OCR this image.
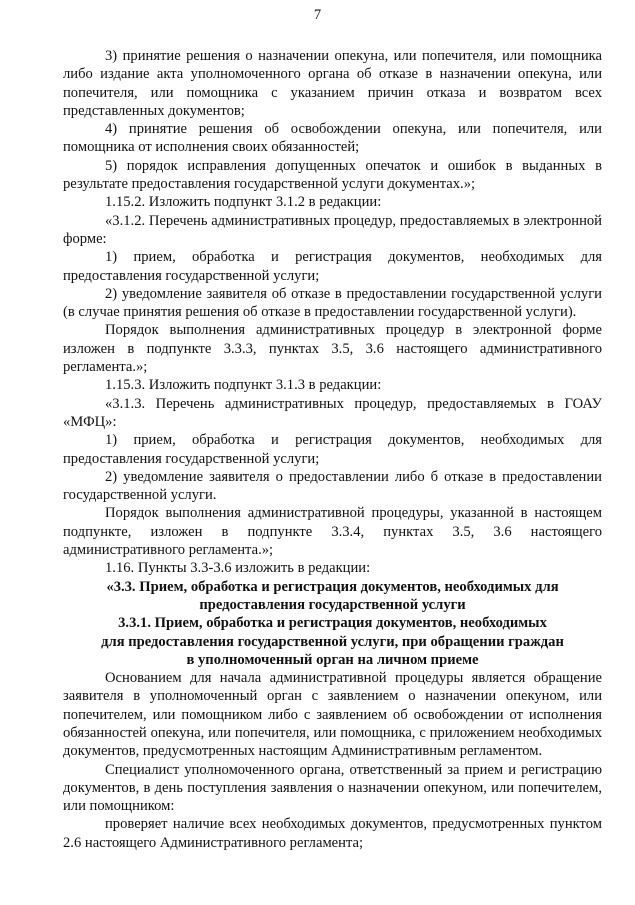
7

3) принятие решения о назначении опекуна, или попечителя, или помощника либо издание акта уполномоченного органа об отказе в назначении опекуна, или попечителя, или помощника с указанием причин отказа и возвратом всех представленных документов;

4) принятие решения об освобождении опекуна, или попечителя, или помощника от исполнения своих обязанностей;

5) порядок исправления допущенных опечаток и ошибок в выданных в результате предоставления государственной услуги документах.»;

1.15.2. Изложить подпункт 3.1.2 в редакции:

«3.1.2. Перечень административных процедур, предоставляемых в электронной форме:

1) прием, обработка и регистрация документов, необходимых для предоставления государственной услуги;

2) уведомление заявителя об отказе в предоставлении государственной услуги (в случае принятия решения об отказе в предоставлении государственной услуги).

Порядок выполнения административных процедур в электронной форме изложен в подпункте 3.3.3, пунктах 3.5, 3.6 настоящего административного регламента.»;

1.15.3. Изложить подпункт 3.1.3 в редакции:

«3.1.3. Перечень административных процедур, предоставляемых в ГОАУ «МФЦ»:

1) прием, обработка и регистрация документов, необходимых для предоставления государственной услуги;

2) уведомление заявителя о предоставлении либо б отказе в предоставлении государственной услуги.

Порядок выполнения административной процедуры, указанной в настоящем подпункте, изложен в подпункте 3.3.4, пунктах 3.5, 3.6 настоящего административного регламента.»;

1.16. Пункты 3.3-3.6 изложить в редакции:

«3.3. Прием, обработка и регистрация документов, необходимых для
предоставления государственной услуги
3.3.1. Прием, обработка и регистрация документов, необходимых
для предоставления государственной услуги, при обращении граждан
в уполномоченный орган на личном приеме

Основанием для начала административной процедуры является обращение заявителя в уполномоченный орган с заявлением о назначении опекуном, или попечителем, или помощником либо с заявлением об освобождении от исполнения обязанностей опекуна, или попечителя, или помощника, с приложением необходимых документов, предусмотренных настоящим Административным регламентом.

Специалист уполномоченного органа, ответственный за прием и регистрацию документов, в день поступления заявления о назначении опекуном, или попечителем, или помощником:

проверяет наличие всех необходимых документов, предусмотренных пунктом 2.6 настоящего Административного регламента;
